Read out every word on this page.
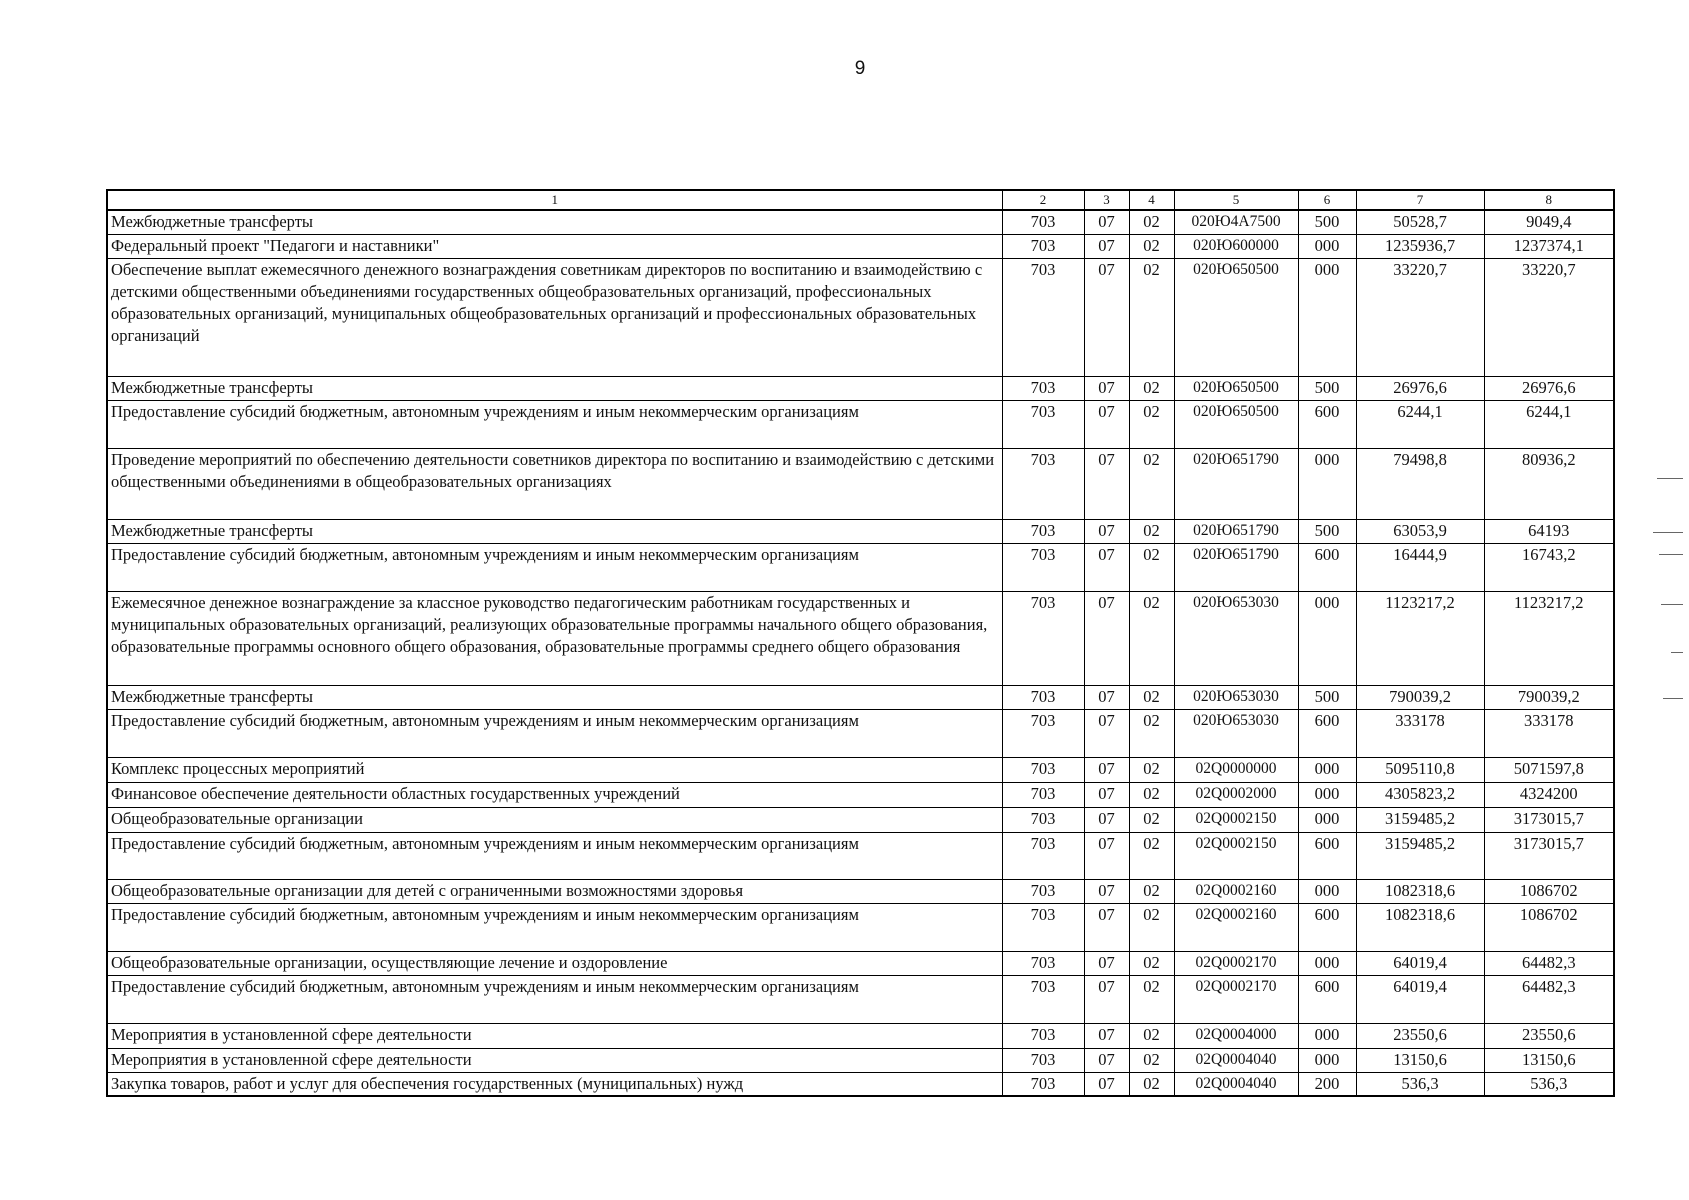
9
1	2	3	4	5	6	7	8
Межбюджетные трансферты	703	07	02	020Ю4А7500	500	50528,7	9049,4
Федеральный проект "Педагоги и наставники"	703	07	02	020Ю600000	000	1235936,7	1237374,1
Обеспечение выплат ежемесячного денежного вознаграждения советникам директоров по воспитанию и взаимодействию с детскими общественными объединениями государственных общеобразовательных организаций, профессиональных образовательных организаций, муниципальных общеобразовательных организаций и профессиональных образовательных организаций	703	07	02	020Ю650500	000	33220,7	33220,7
Межбюджетные трансферты	703	07	02	020Ю650500	500	26976,6	26976,6
Предоставление субсидий бюджетным, автономным учреждениям и иным некоммерческим организациям	703	07	02	020Ю650500	600	6244,1	6244,1
Проведение мероприятий по обеспечению деятельности советников директора по воспитанию и взаимодействию с детскими общественными объединениями в общеобразовательных организациях	703	07	02	020Ю651790	000	79498,8	80936,2
Межбюджетные трансферты	703	07	02	020Ю651790	500	63053,9	64193
Предоставление субсидий бюджетным, автономным учреждениям и иным некоммерческим организациям	703	07	02	020Ю651790	600	16444,9	16743,2
Ежемесячное денежное вознаграждение за классное руководство педагогическим работникам государственных и муниципальных образовательных организаций, реализующих образовательные программы начального общего образования, образовательные программы основного общего образования, образовательные программы среднего общего образования	703	07	02	020Ю653030	000	1123217,2	1123217,2
Межбюджетные трансферты	703	07	02	020Ю653030	500	790039,2	790039,2
Предоставление субсидий бюджетным, автономным учреждениям и иным некоммерческим организациям	703	07	02	020Ю653030	600	333178	333178
Комплекс процессных мероприятий	703	07	02	02Q0000000	000	5095110,8	5071597,8
Финансовое обеспечение деятельности областных государственных учреждений	703	07	02	02Q0002000	000	4305823,2	4324200
Общеобразовательные организации	703	07	02	02Q0002150	000	3159485,2	3173015,7
Предоставление субсидий бюджетным, автономным учреждениям и иным некоммерческим организациям	703	07	02	02Q0002150	600	3159485,2	3173015,7
Общеобразовательные организации для детей с ограниченными возможностями здоровья	703	07	02	02Q0002160	000	1082318,6	1086702
Предоставление субсидий бюджетным, автономным учреждениям и иным некоммерческим организациям	703	07	02	02Q0002160	600	1082318,6	1086702
Общеобразовательные организации, осуществляющие лечение и оздоровление	703	07	02	02Q0002170	000	64019,4	64482,3
Предоставление субсидий бюджетным, автономным учреждениям и иным некоммерческим организациям	703	07	02	02Q0002170	600	64019,4	64482,3
Мероприятия в установленной сфере деятельности	703	07	02	02Q0004000	000	23550,6	23550,6
Мероприятия в установленной сфере деятельности	703	07	02	02Q0004040	000	13150,6	13150,6
Закупка товаров, работ и услуг для обеспечения государственных (муниципальных) нужд	703	07	02	02Q0004040	200	536,3	536,3
